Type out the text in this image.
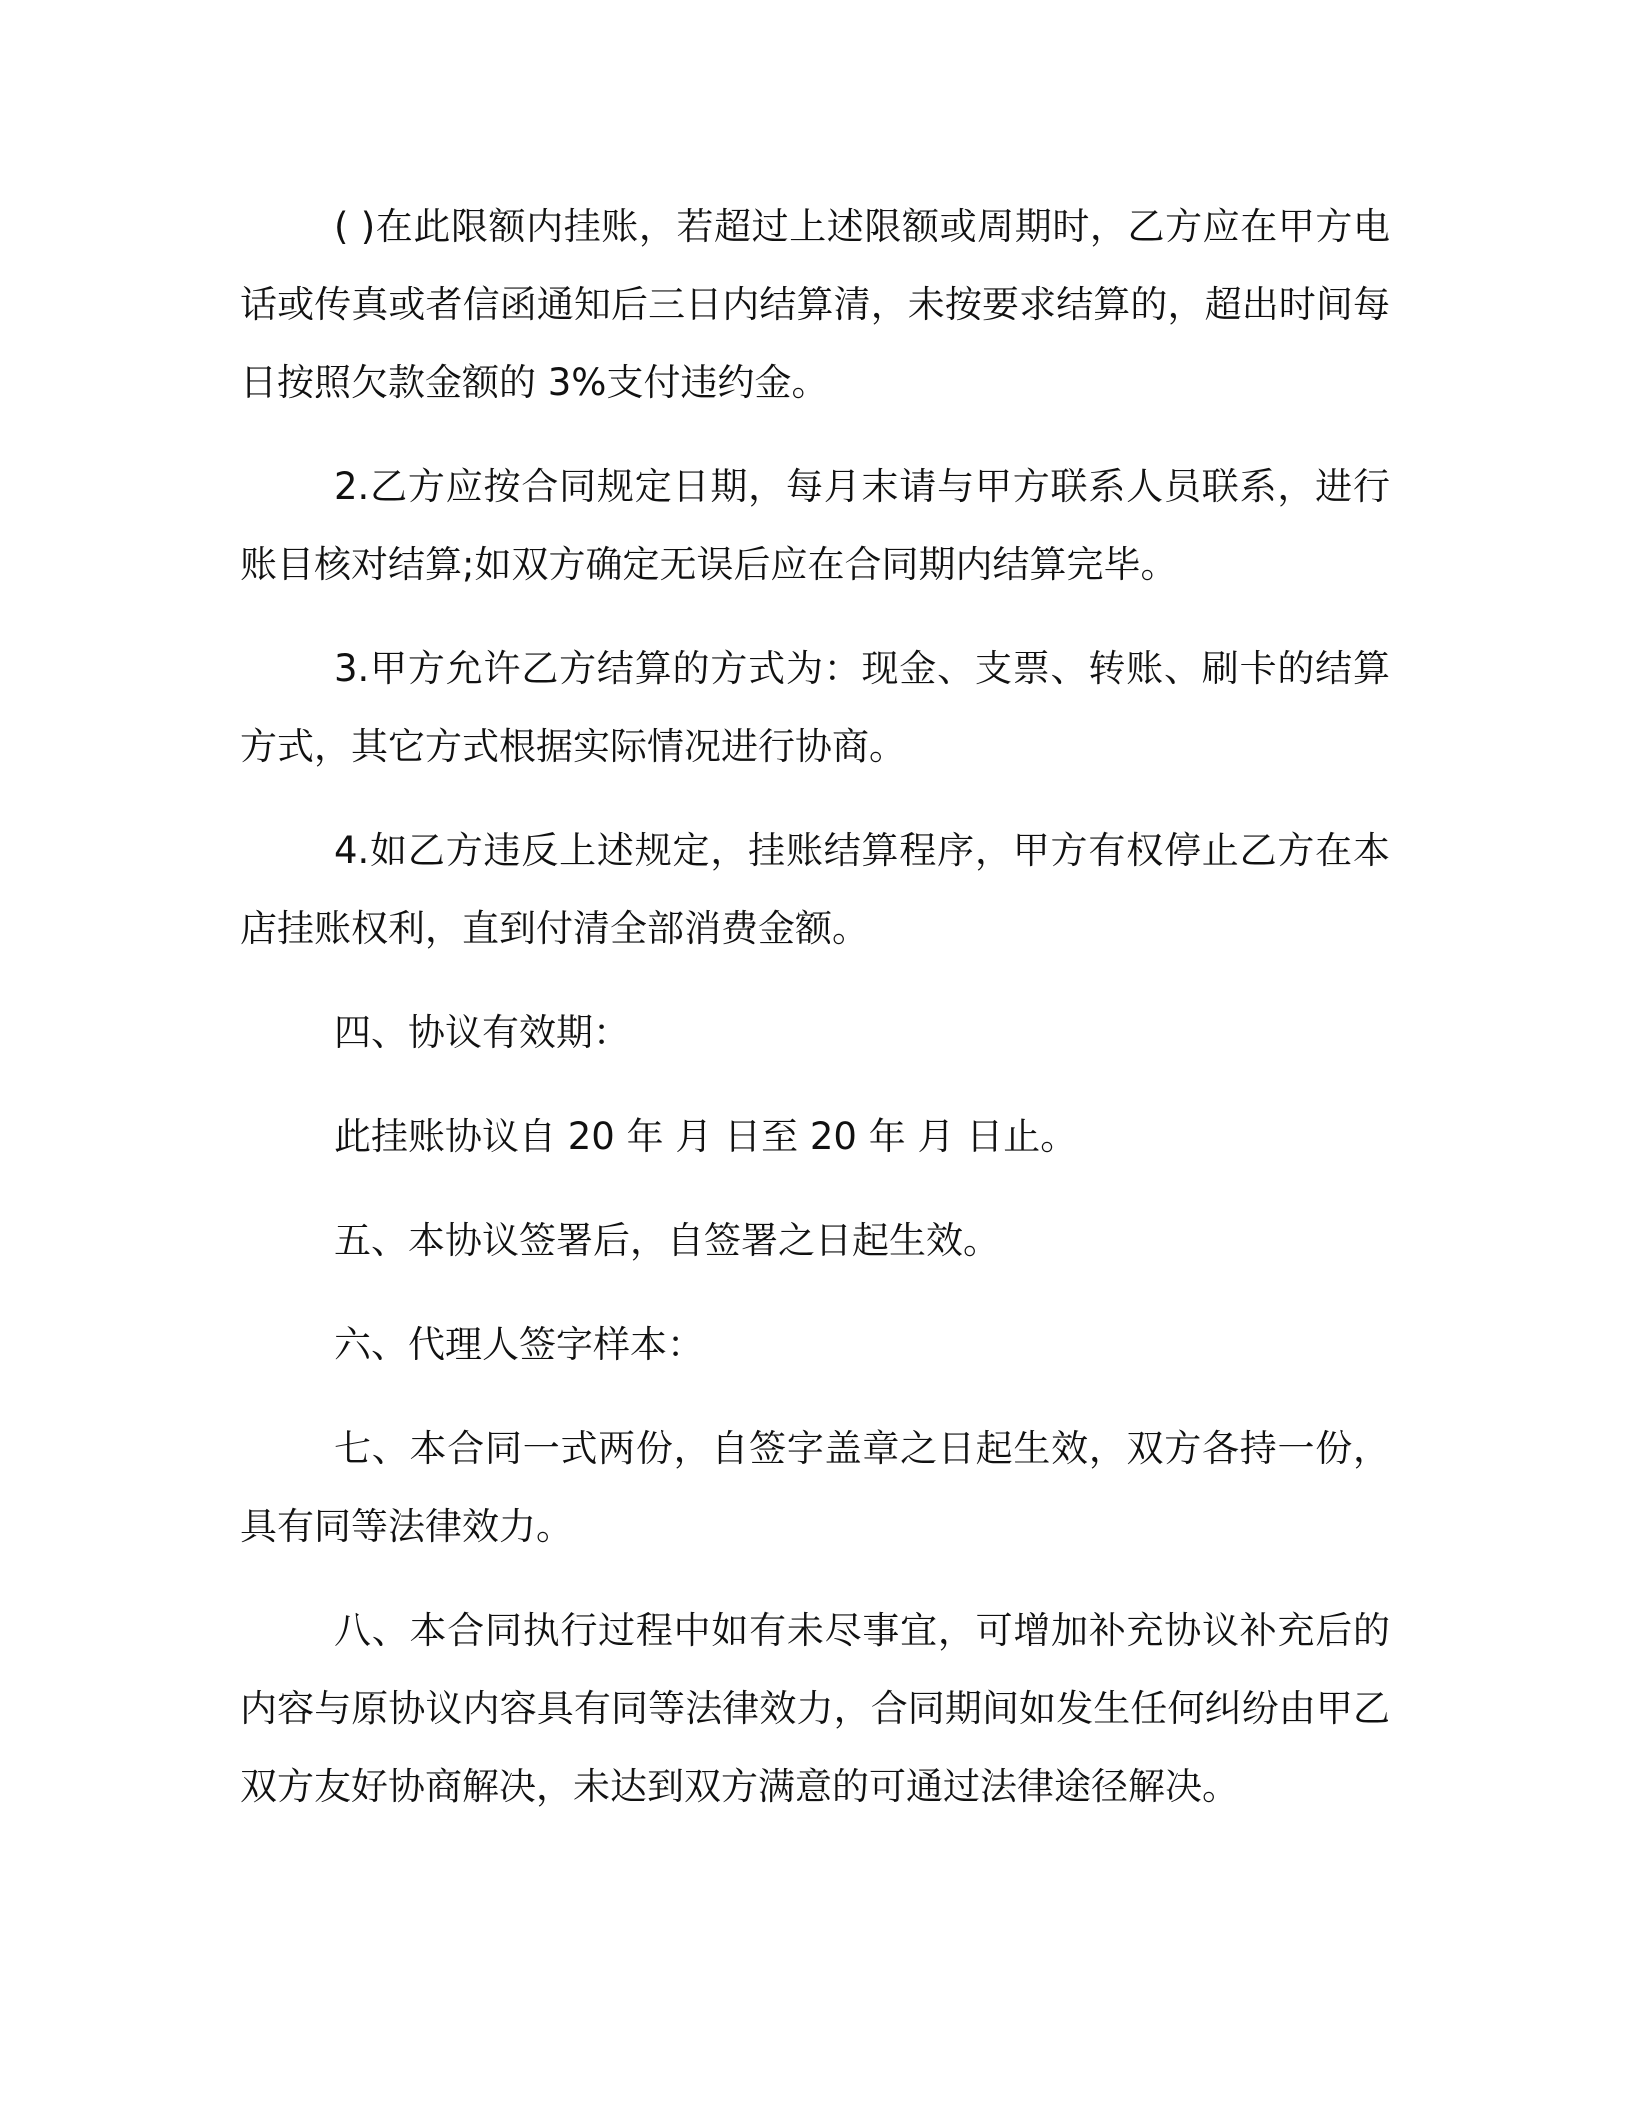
( )在此限额内挂账，若超过上述限额或周期时，乙方应在甲方电话或传真或者信函通知后三日内结算清，未按要求结算的，超出时间每日按照欠款金额的 3%支付违约金。

2.乙方应按合同规定日期，每月末请与甲方联系人员联系，进行账目核对结算;如双方确定无误后应在合同期内结算完毕。

3.甲方允许乙方结算的方式为：现金、支票、转账、刷卡的结算方式，其它方式根据实际情况进行协商。

4.如乙方违反上述规定，挂账结算程序，甲方有权停止乙方在本店挂账权利，直到付清全部消费金额。

四、协议有效期：

此挂账协议自 20 年 月 日至 20 年 月 日止。

五、本协议签署后，自签署之日起生效。

六、代理人签字样本：

七、本合同一式两份，自签字盖章之日起生效，双方各持一份，具有同等法律效力。

八、本合同执行过程中如有未尽事宜，可增加补充协议补充后的内容与原协议内容具有同等法律效力，合同期间如发生任何纠纷由甲乙双方友好协商解决，未达到双方满意的可通过法律途径解决。
